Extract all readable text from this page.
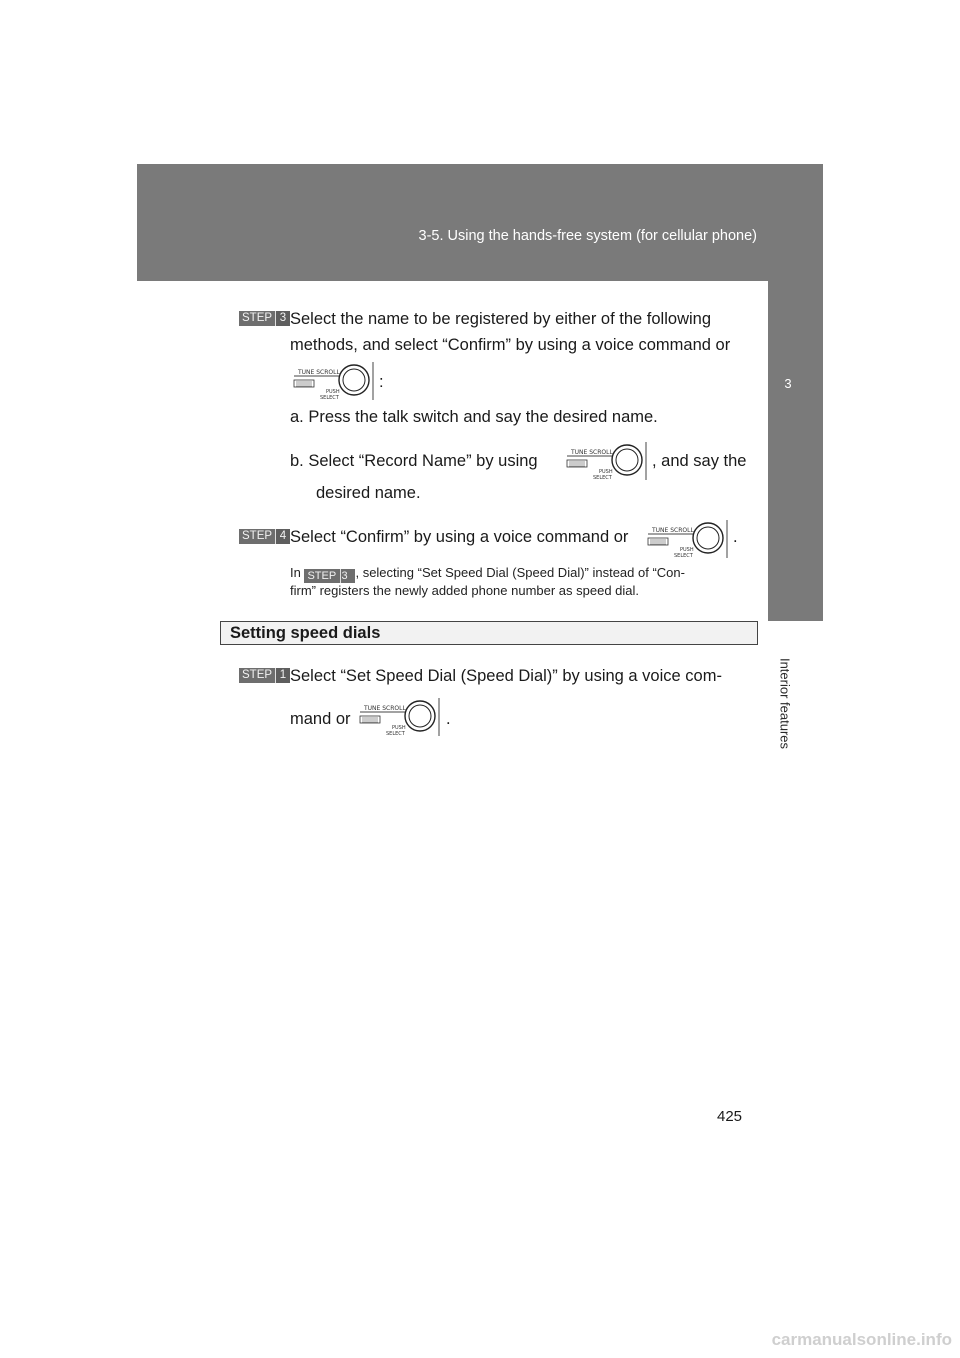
3-5. Using the hands-free system (for cellular phone)
3
Interior features
STEP 3 Select the name to be registered by either of the following
methods, and select “Confirm” by using a voice command or
TUNE SCROLL
PUSH
SELECT
:
a. Press the talk switch and say the desired name.
b. Select “Record Name” by using	TUNE SCROLL
PUSH
SELECT
, and say the
desired name.
STEP 4 Select “Confirm” by using a voice command or	TUNE SCROLL
PUSH
SELECT
.
In STEP 3 , selecting “Set Speed Dial (Speed Dial)” instead of “Con-
firm” registers the newly added phone number as speed dial.
Setting speed dials
STEP 1 Select “Set Speed Dial (Speed Dial)” by using a voice com-
mand or
TUNE SCROLL
PUSH
SELECT
.
425
carmanualsonline.info
